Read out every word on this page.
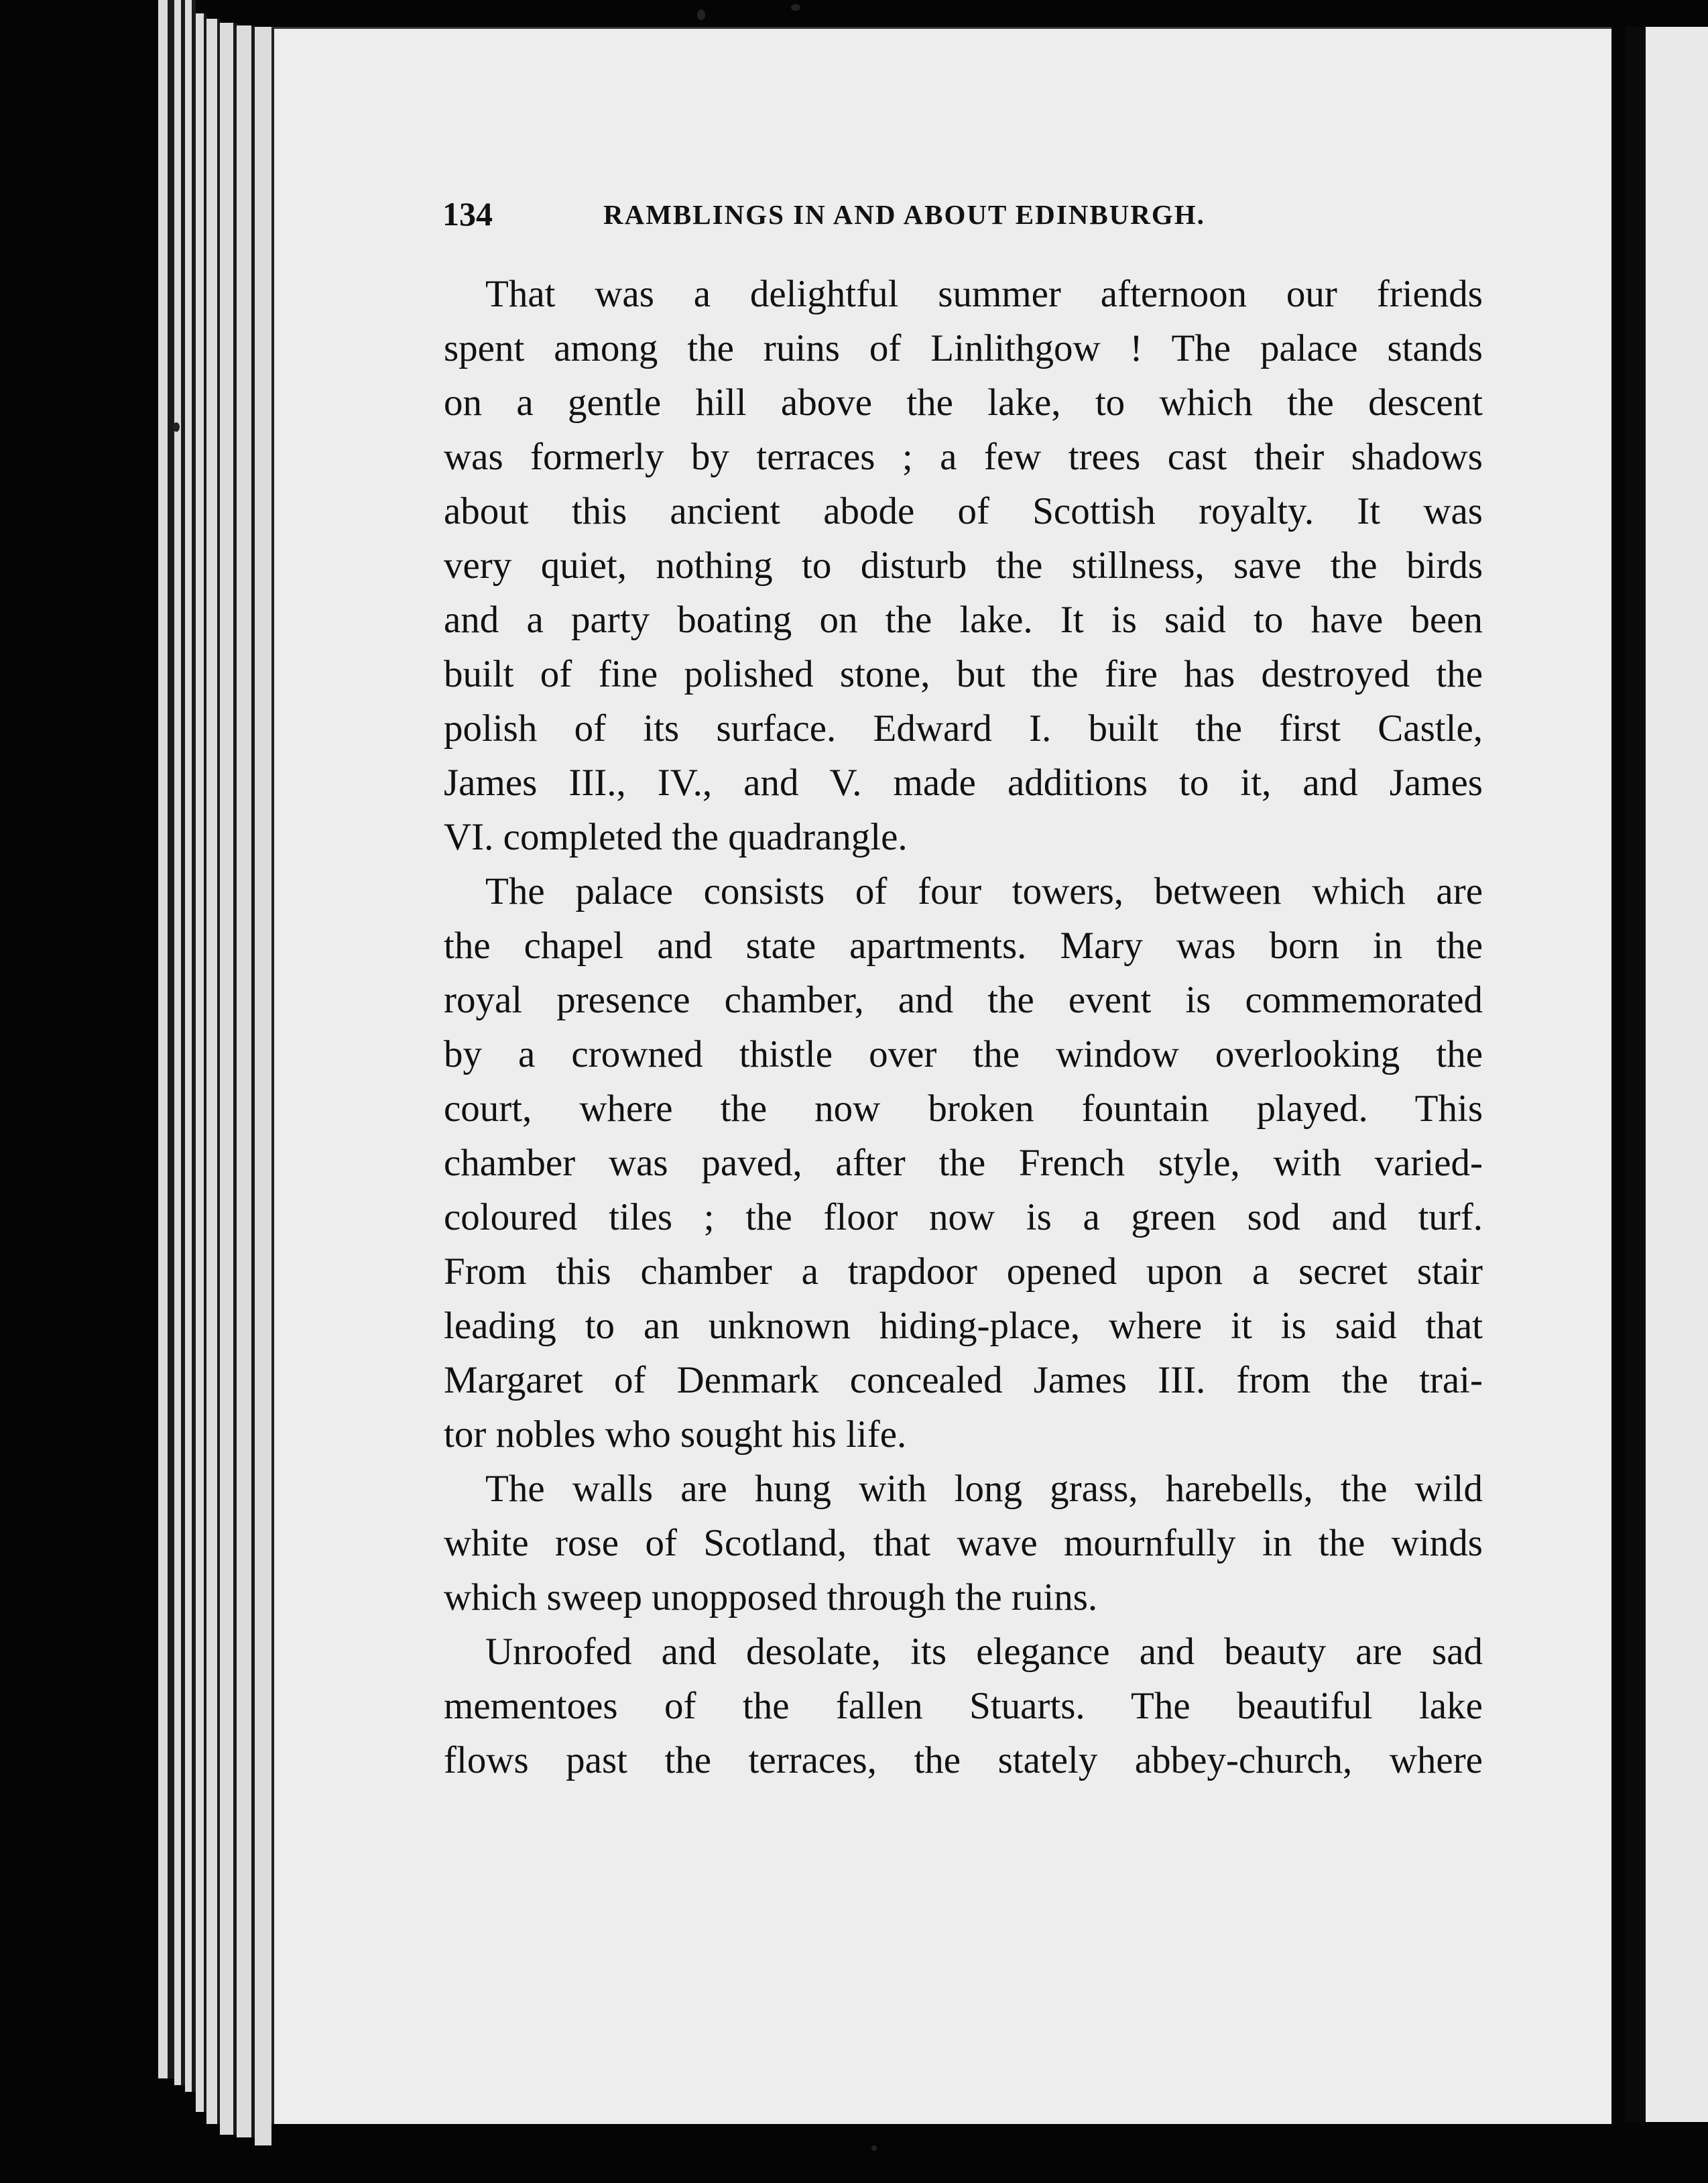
134	RAMBLINGS IN AND ABOUT EDINBURGH.
That was a delightful summer afternoon our friends
spent among the ruins of Linlithgow ! The palace stands
on a gentle hill above the lake, to which the descent
was formerly by terraces ; a few trees cast their shadows
about this ancient abode of Scottish royalty. It was
very quiet, nothing to disturb the stillness, save the birds
and a party boating on the lake. It is said to have been
built of fine polished stone, but the fire has destroyed the
polish of its surface. Edward I. built the first Castle,
James III., IV., and V. made additions to it, and James
VI. completed the quadrangle.
The palace consists of four towers, between which are
the chapel and state apartments. Mary was born in the
royal presence chamber, and the event is commemorated
by a crowned thistle over the window overlooking the
court, where the now broken fountain played. This
chamber was paved, after the French style, with varied-
coloured tiles ; the floor now is a green sod and turf.
From this chamber a trapdoor opened upon a secret stair
leading to an unknown hiding-place, where it is said that
Margaret of Denmark concealed James III. from the trai-
tor nobles who sought his life.
The walls are hung with long grass, harebells, the wild
white rose of Scotland, that wave mournfully in the winds
which sweep unopposed through the ruins.
Unroofed and desolate, its elegance and beauty are sad
mementoes of the fallen Stuarts. The beautiful lake
flows past the terraces, the stately abbey-church, where
